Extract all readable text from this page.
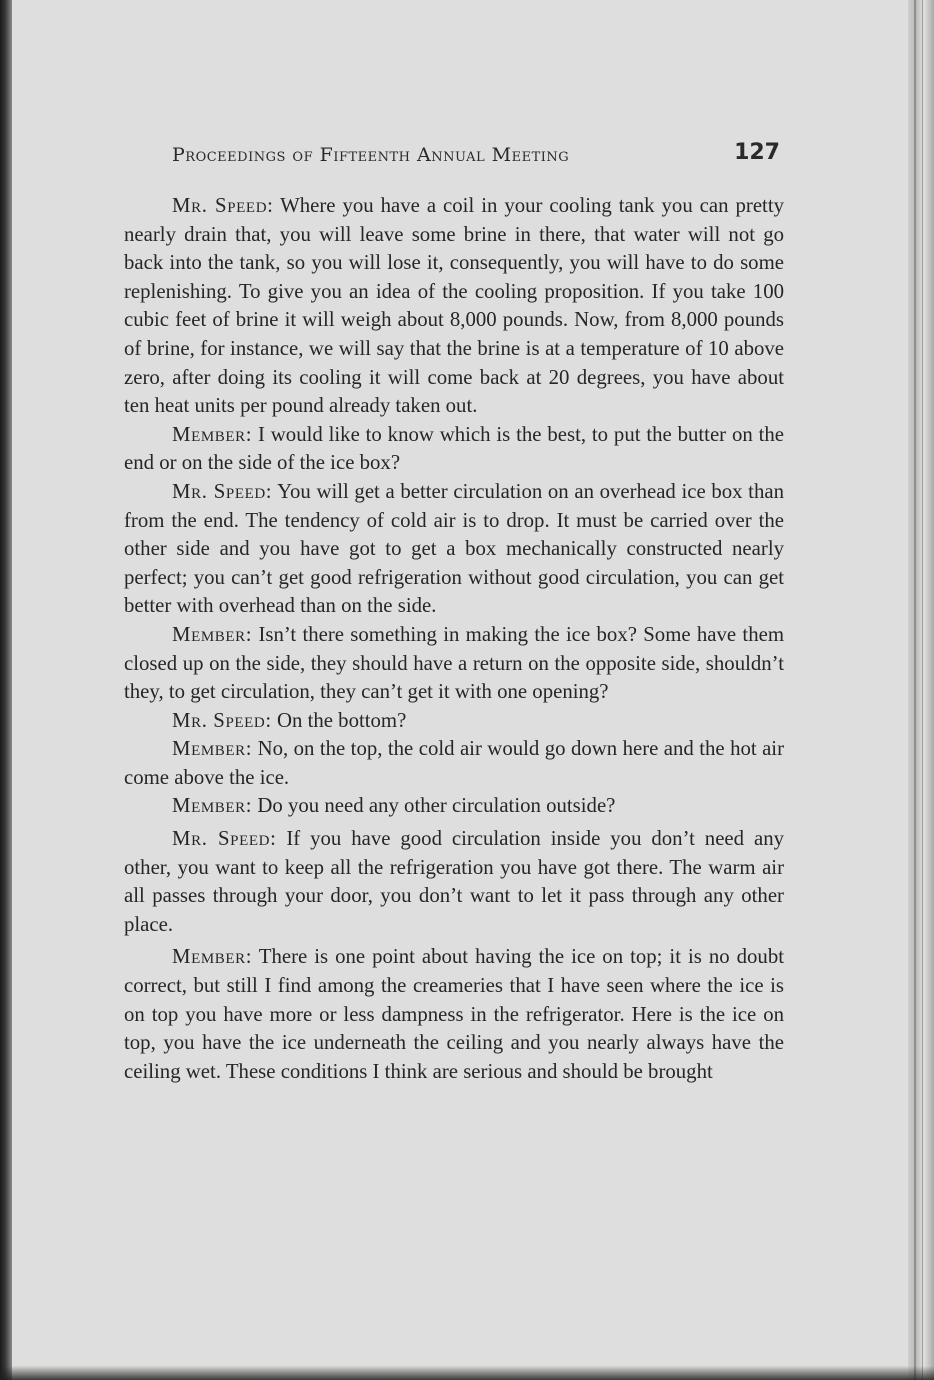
Proceedings of Fifteenth Annual Meeting	127

Mr. Speed: Where you have a coil in your cooling tank you can pretty nearly drain that, you will leave some brine in there, that water will not go back into the tank, so you will lose it, consequently, you will have to do some replenishing. To give you an idea of the cooling proposition. If you take 100 cubic feet of brine it will weigh about 8,000 pounds. Now, from 8,000 pounds of brine, for instance, we will say that the brine is at a temperature of 10 above zero, after doing its cooling it will come back at 20 degrees, you have about ten heat units per pound already taken out.

Member: I would like to know which is the best, to put the butter on the end or on the side of the ice box?

Mr. Speed: You will get a better circulation on an overhead ice box than from the end. The tendency of cold air is to drop. It must be carried over the other side and you have got to get a box mechanically constructed nearly perfect; you can’t get good refrigeration without good circulation, you can get better with overhead than on the side.

Member: Isn’t there something in making the ice box? Some have them closed up on the side, they should have a return on the opposite side, shouldn’t they, to get circulation, they can’t get it with one opening?

Mr. Speed: On the bottom?

Member: No, on the top, the cold air would go down here and the hot air come above the ice.

Member: Do you need any other circulation outside?

Mr. Speed: If you have good circulation inside you don’t need any other, you want to keep all the refrigeration you have got there. The warm air all passes through your door, you don’t want to let it pass through any other place.

Member: There is one point about having the ice on top; it is no doubt correct, but still I find among the creameries that I have seen where the ice is on top you have more or less dampness in the refrigerator. Here is the ice on top, you have the ice underneath the ceiling and you nearly always have the ceiling wet. These conditions I think are serious and should be brought
